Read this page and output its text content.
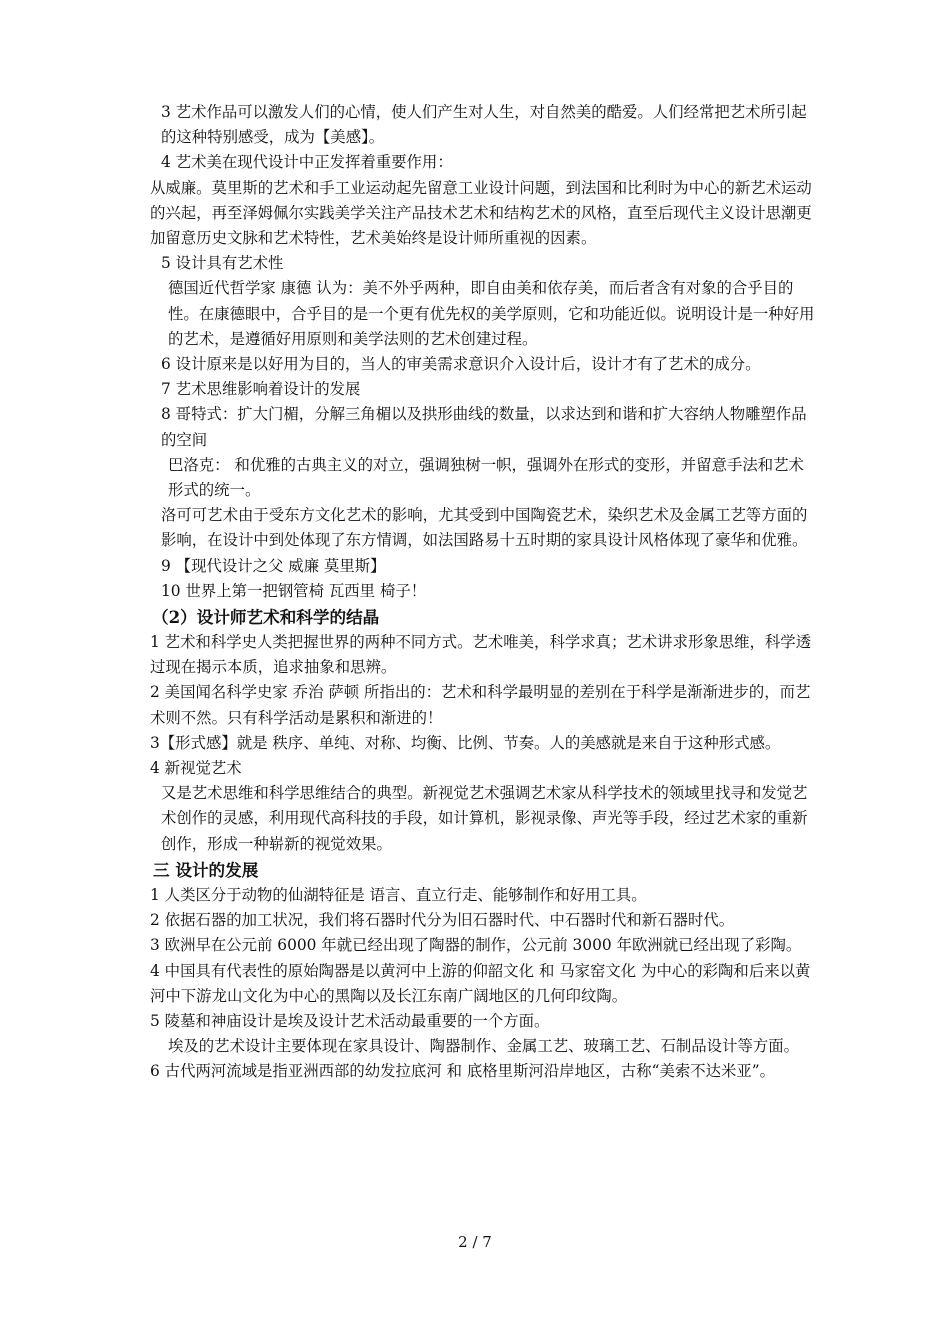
3 艺术作品可以激发人们的心情，使人们产生对人生，对自然美的酷爱。人们经常把艺术所引起的这种特别感受，成为【美感】。

4 艺术美在现代设计中正发挥着重要作用：

从威廉。莫里斯的艺术和手工业运动起先留意工业设计问题，到法国和比利时为中心的新艺术运动的兴起，再至泽姆佩尔实践美学关注产品技术艺术和结构艺术的风格，直至后现代主义设计思潮更加留意历史文脉和艺术特性，艺术美始终是设计师所重视的因素。

5 设计具有艺术性

德国近代哲学家 康德 认为：美不外乎两种，即自由美和依存美，而后者含有对象的合乎目的性。在康德眼中，合乎目的是一个更有优先权的美学原则，它和功能近似。说明设计是一种好用的艺术，是遵循好用原则和美学法则的艺术创建过程。

6 设计原来是以好用为目的，当人的审美需求意识介入设计后，设计才有了艺术的成分。

7 艺术思维影响着设计的发展

8 哥特式：扩大门楣，分解三角楣以及拱形曲线的数量，以求达到和谐和扩大容纳人物雕塑作品的空间

巴洛克： 和优雅的古典主义的对立，强调独树一帜，强调外在形式的变形，并留意手法和艺术形式的统一。

洛可可艺术由于受东方文化艺术的影响，尤其受到中国陶瓷艺术，染织艺术及金属工艺等方面的影响，在设计中到处体现了东方情调，如法国路易十五时期的家具设计风格体现了豪华和优雅。

9 【现代设计之父 威廉 莫里斯】

10 世界上第一把钢管椅 瓦西里 椅子！

（2）设计师艺术和科学的结晶

1 艺术和科学史人类把握世界的两种不同方式。艺术唯美，科学求真；艺术讲求形象思维，科学透过现在揭示本质，追求抽象和思辨。

2 美国闻名科学史家 乔治 萨顿 所指出的：艺术和科学最明显的差别在于科学是渐渐进步的，而艺术则不然。只有科学活动是累积和渐进的！

3【形式感】就是 秩序、单纯、对称、均衡、比例、节奏。人的美感就是来自于这种形式感。

4 新视觉艺术

又是艺术思维和科学思维结合的典型。新视觉艺术强调艺术家从科学技术的领域里找寻和发觉艺术创作的灵感，利用现代高科技的手段，如计算机，影视录像、声光等手段，经过艺术家的重新创作，形成一种崭新的视觉效果。

三 设计的发展

1 人类区分于动物的仙湖特征是 语言、直立行走、能够制作和好用工具。

2 依据石器的加工状况，我们将石器时代分为旧石器时代、中石器时代和新石器时代。

3 欧洲早在公元前 6000 年就已经出现了陶器的制作，公元前 3000 年欧洲就已经出现了彩陶。

4 中国具有代表性的原始陶器是以黄河中上游的仰韶文化 和 马家窑文化 为中心的彩陶和后来以黄河中下游龙山文化为中心的黑陶以及长江东南广阔地区的几何印纹陶。

5 陵墓和神庙设计是埃及设计艺术活动最重要的一个方面。

埃及的艺术设计主要体现在家具设计、陶器制作、金属工艺、玻璃工艺、石制品设计等方面。

6 古代两河流域是指亚洲西部的幼发拉底河 和 底格里斯河沿岸地区，古称“美索不达米亚”。

2 / 7
